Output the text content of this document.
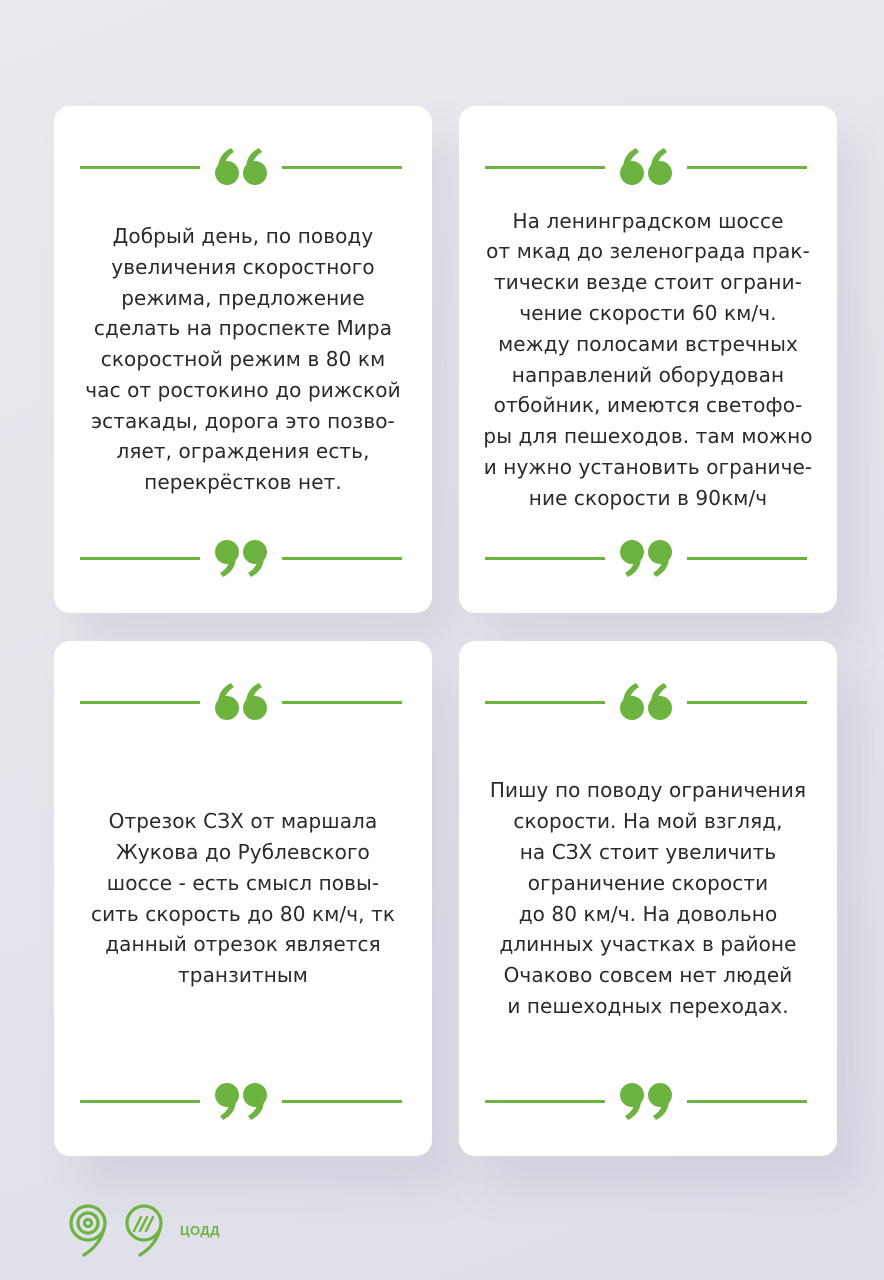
Добрый день, по поводу
увеличения скоростного
режима, предложение
сделать на проспекте Мира
скоростной режим в 80 км
час от ростокино до рижской
эстакады, дорога это позво-
ляет, ограждения есть,
перекрёстков нет.
На ленинградском шоссе
от мкад до зеленограда прак-
тически везде стоит ограни-
чение скорости 60 км/ч.
между полосами встречных
направлений оборудован
отбойник, имеются светофо-
ры для пешеходов. там можно
и нужно установить ограниче-
ние скорости в 90км/ч
Отрезок СЗХ от маршала
Жукова до Рублевского
шоссе - есть смысл повы-
сить скорость до 80 км/ч, тк
данный отрезок является
транзитным
Пишу по поводу ограничения
скорости. На мой взгляд,
на СЗХ стоит увеличить
ограничение скорости
до 80 км/ч. На довольно
длинных участках в районе
Очаково совсем нет людей
и пешеходных переходах.
ЦОДД
